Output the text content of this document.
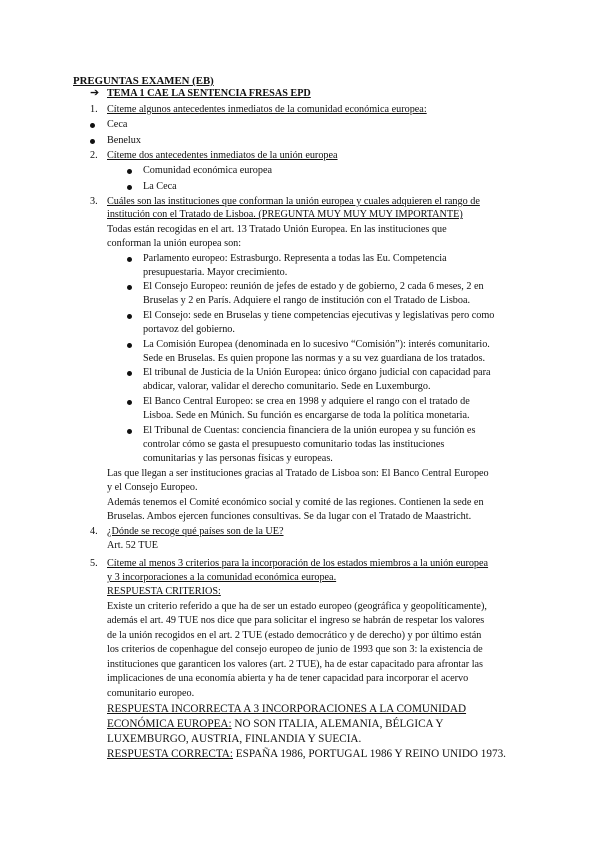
PREGUNTAS EXAMEN (EB)
➔ TEMA 1 CAE LA SENTENCIA FRESAS EPD
1. Cíteme algunos antecedentes inmediatos de la comunidad económica europea:
Ceca
Benelux
2. Cíteme dos antecedentes inmediatos de la unión europea
Comunidad económica europea
La Ceca
3. Cuáles son las instituciones que conforman la unión europea y cuales adquieren el rango de
institución con el Tratado de Lisboa. (PREGUNTA MUY MUY MUY IMPORTANTE)
Todas están recogidas en el art. 13 Tratado Unión Europea. En las instituciones que
conforman la unión europea son:
Parlamento europeo: Estrasburgo. Representa a todas las Eu. Competencia
presupuestaria. Mayor crecimiento.
El Consejo Europeo: reunión de jefes de estado y de gobierno, 2 cada 6 meses, 2 en
Bruselas y 2 en París. Adquiere el rango de institución con el Tratado de Lisboa.
El Consejo: sede en Bruselas y tiene competencias ejecutivas y legislativas pero como
portavoz del gobierno.
La Comisión Europea (denominada en lo sucesivo “Comisión”): interés comunitario.
Sede en Bruselas. Es quien propone las normas y a su vez guardiana de los tratados.
El tribunal de Justicia de la Unión Europea: único órgano judicial con capacidad para
abdicar, valorar, validar el derecho comunitario. Sede en Luxemburgo.
El Banco Central Europeo: se crea en 1998 y adquiere el rango con el tratado de
Lisboa. Sede en Múnich. Su función es encargarse de toda la política monetaria.
El Tribunal de Cuentas: conciencia financiera de la unión europea y su función es
controlar cómo se gasta el presupuesto comunitario todas las instituciones
comunitarias y las personas físicas y europeas.
Las que llegan a ser instituciones gracias al Tratado de Lisboa son: El Banco Central Europeo
y el Consejo Europeo.
Además tenemos el Comité económico social y comité de las regiones. Contienen la sede en
Bruselas. Ambos ejercen funciones consultivas. Se da lugar con el Tratado de Maastricht.
4. ¿Dónde se recoge qué países son de la UE?
Art. 52 TUE
5. Cíteme al menos 3 criterios para la incorporación de los estados miembros a la unión europea
y 3 incorporaciones a la comunidad económica europea.
RESPUESTA CRITERIOS:
Existe un criterio referido a que ha de ser un estado europeo (geográfica y geopolíticamente),
además el art. 49 TUE nos dice que para solicitar el ingreso se habrán de respetar los valores
de la unión recogidos en el art. 2 TUE (estado democrático y de derecho) y por último están
los criterios de copenhague del consejo europeo de junio de 1993 que son 3: la existencia de
instituciones que garanticen los valores (art. 2 TUE), ha de estar capacitado para afrontar las
implicaciones de una economía abierta y ha de tener capacidad para incorporar el acervo
comunitario europeo.
RESPUESTA INCORRECTA A 3 INCORPORACIONES A LA COMUNIDAD
ECONÓMICA EUROPEA: NO SON ITALIA, ALEMANIA, BÉLGICA Y
LUXEMBURGO, AUSTRIA, FINLANDIA Y SUECIA.
RESPUESTA CORRECTA: ESPAÑA 1986, PORTUGAL 1986 Y REINO UNIDO 1973.
